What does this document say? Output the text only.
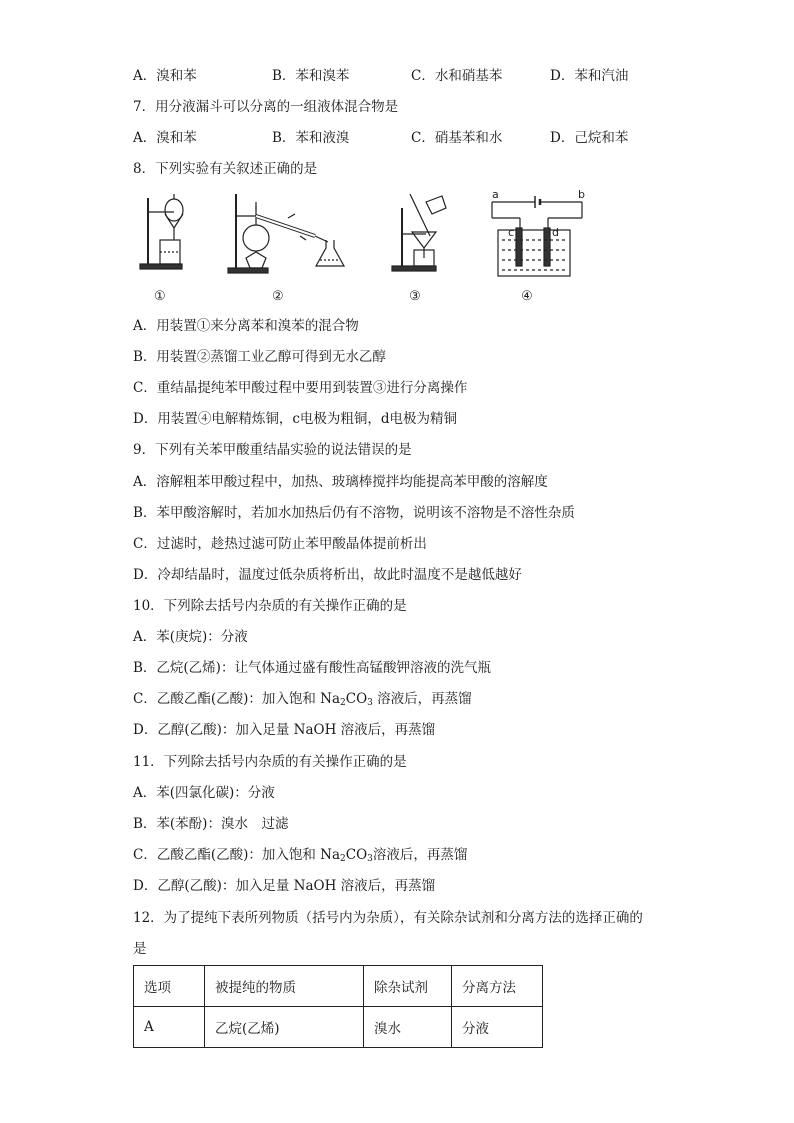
A．溴和苯	B．苯和溴苯	C．水和硝基苯	D．苯和汽油
7．用分液漏斗可以分离的一组液体混合物是
A．溴和苯	B．苯和液溴	C．硝基苯和水	D．己烷和苯
8．下列实验有关叙述正确的是
a	b
c	d
①	②	③	④
A．用装置①来分离苯和溴苯的混合物
B．用装置②蒸馏工业乙醇可得到无水乙醇
C．重结晶提纯苯甲酸过程中要用到装置③进行分离操作
D．用装置④电解精炼铜，c电极为粗铜，d电极为精铜
9．下列有关苯甲酸重结晶实验的说法错误的是
A．溶解粗苯甲酸过程中，加热、玻璃棒搅拌均能提高苯甲酸的溶解度
B．苯甲酸溶解时，若加水加热后仍有不溶物，说明该不溶物是不溶性杂质
C．过滤时，趁热过滤可防止苯甲酸晶体提前析出
D．冷却结晶时，温度过低杂质将析出，故此时温度不是越低越好
10．下列除去括号内杂质的有关操作正确的是
A．苯(庚烷)：分液
B．乙烷(乙烯)：让气体通过盛有酸性高锰酸钾溶液的洗气瓶
C．乙酸乙酯(乙酸)：加入饱和 $Na_2CO_3$ 溶液后，再蒸馏
D．乙醇(乙酸)：加入足量 NaOH 溶液后，再蒸馏
11．下列除去括号内杂质的有关操作正确的是
A．苯(四氯化碳)：分液
B．苯(苯酚)：溴水　过滤
C．乙酸乙酯(乙酸)：加入饱和 $Na_2CO_3$溶液后，再蒸馏
D．乙醇(乙酸)：加入足量 NaOH 溶液后，再蒸馏
12．为了提纯下表所列物质（括号内为杂质），有关除杂试剂和分离方法的选择正确的
是
选项	被提纯的物质	除杂试剂	分离方法
A	乙烷(乙烯)	溴水	分液
